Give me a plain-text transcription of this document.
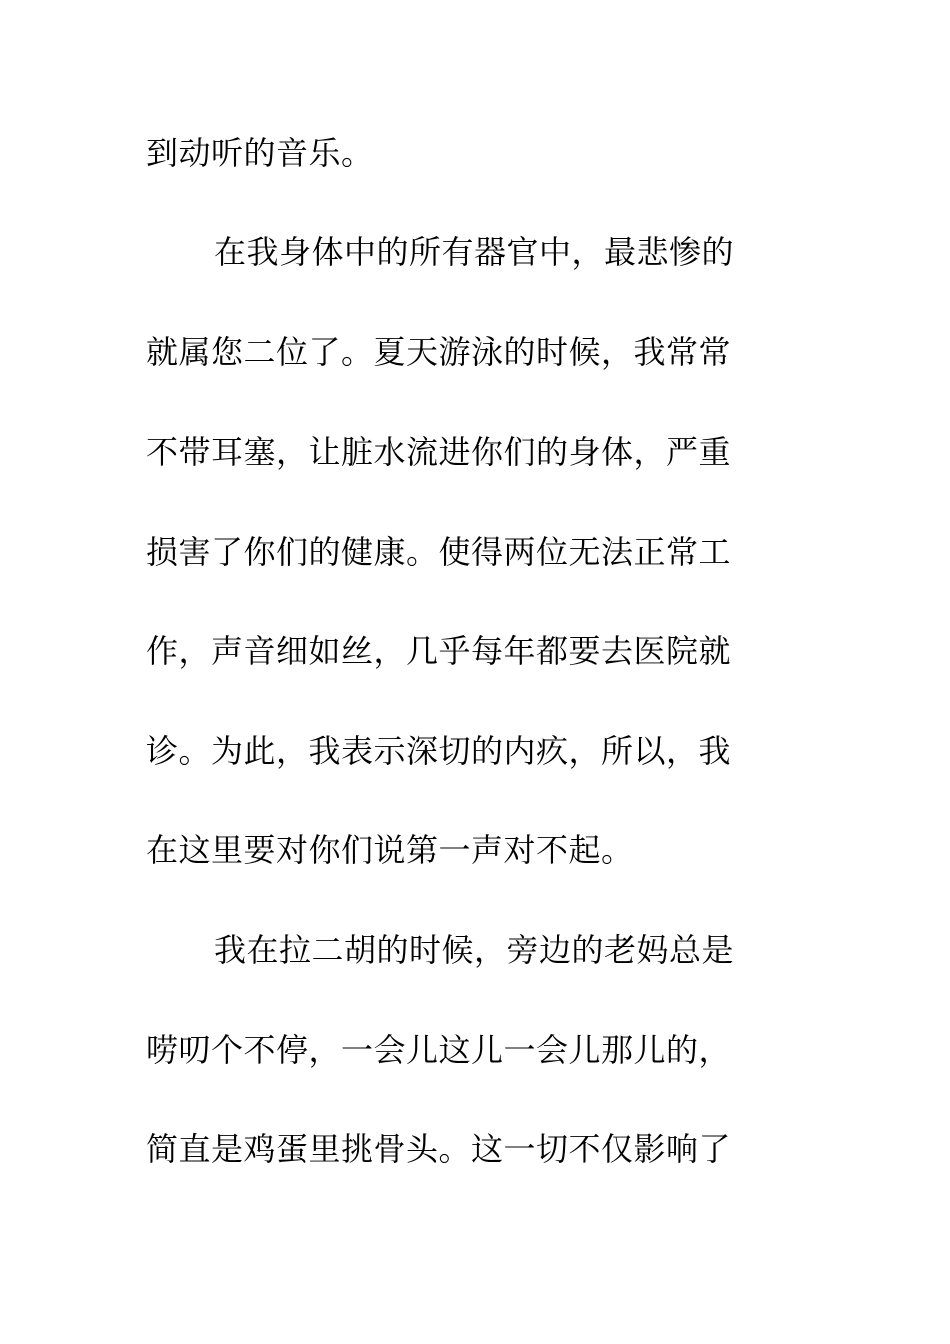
到动听的音乐。
在我身体中的所有器官中，最悲惨的
就属您二位了。夏天游泳的时候，我常常
不带耳塞，让脏水流进你们的身体，严重
损害了你们的健康。使得两位无法正常工
作，声音细如丝，几乎每年都要去医院就
诊。为此，我表示深切的内疚，所以，我
在这里要对你们说第一声对不起。
我在拉二胡的时候，旁边的老妈总是
唠叨个不停，一会儿这儿一会儿那儿的，
简直是鸡蛋里挑骨头。这一切不仅影响了
